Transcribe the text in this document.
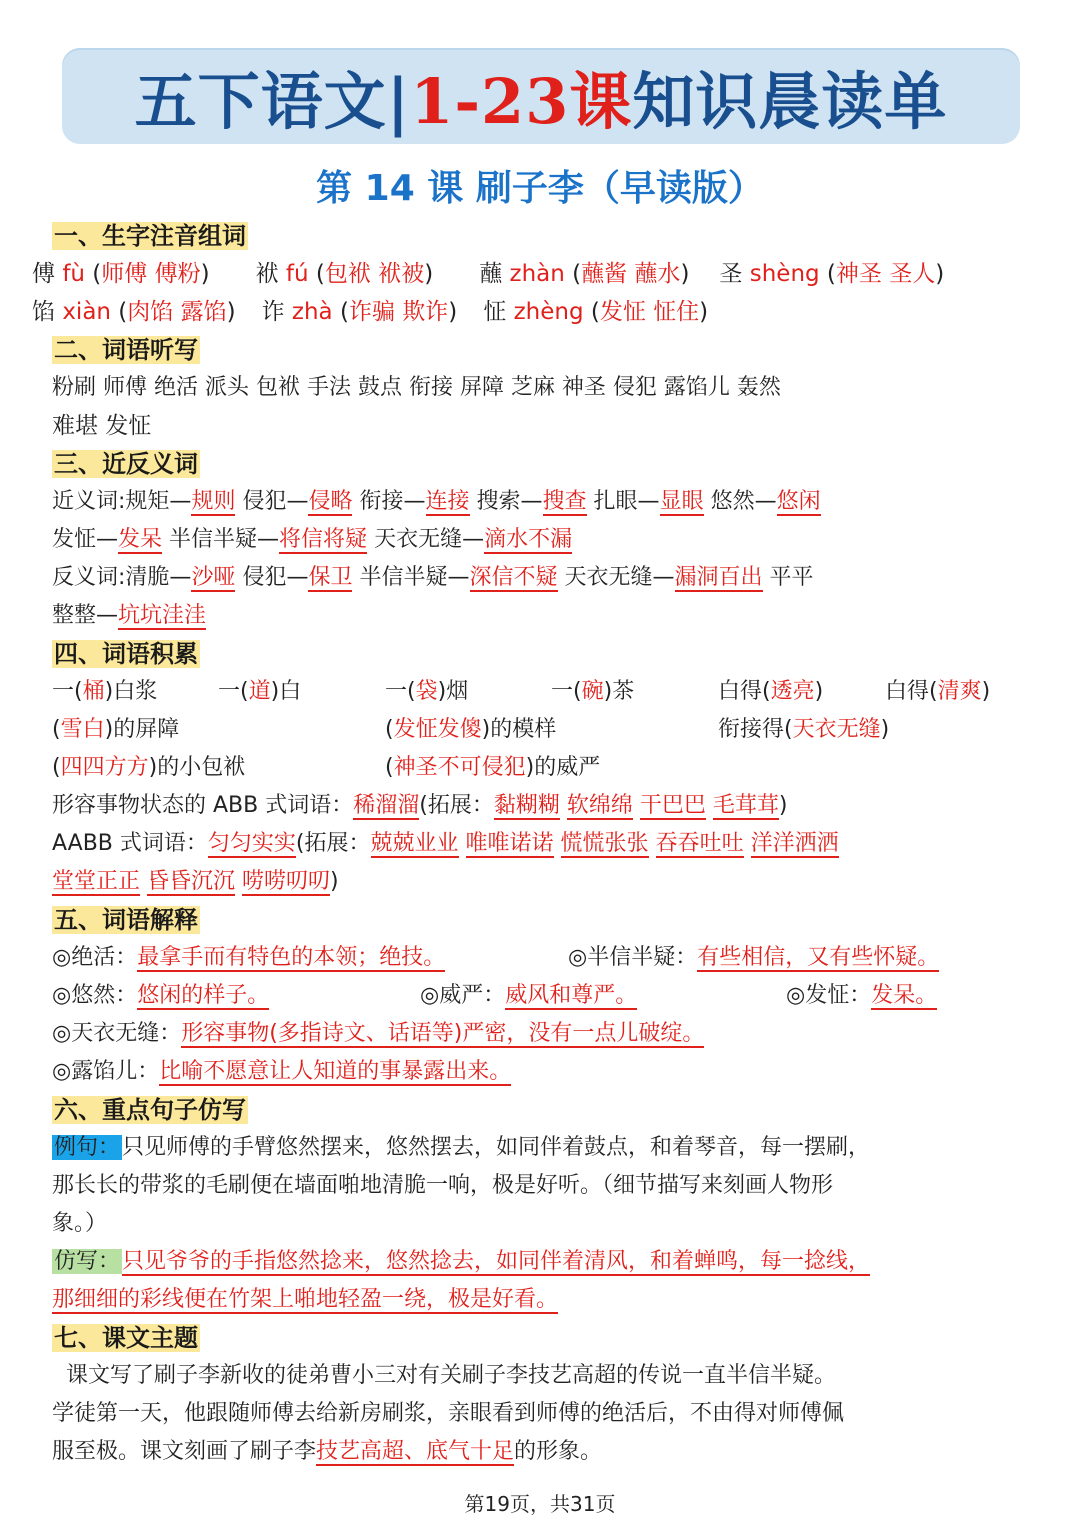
五下语文|1-23课知识晨读单
第 14 课 刷子李（早读版）
一、生字注音组词
傅 fù (师傅 傅粉) 袱 fú (包袱 袱被) 蘸 zhàn (蘸酱 蘸水) 圣 shèng (神圣 圣人)
馅 xiàn (肉馅 露馅) 诈 zhà (诈骗 欺诈) 怔 zhèng (发怔 怔住)
二、词语听写
粉刷 师傅 绝活 派头 包袱 手法 鼓点 衔接 屏障 芝麻 神圣 侵犯 露馅儿 轰然
难堪 发怔
三、近反义词
近义词:规矩—规则 侵犯—侵略 衔接—连接 搜索—搜查 扎眼—显眼 悠然—悠闲
发怔—发呆 半信半疑—将信将疑 天衣无缝—滴水不漏
反义词:清脆—沙哑 侵犯—保卫 半信半疑—深信不疑 天衣无缝—漏洞百出 平平
整整—坑坑洼洼
四、词语积累
一(桶)白浆	一(道)白	一(袋)烟	一(碗)茶	白得(透亮)	白得(清爽)
(雪白)的屏障	(发怔发傻)的模样	衔接得(天衣无缝)
(四四方方)的小包袱	(神圣不可侵犯)的威严
形容事物状态的 ABB 式词语：稀溜溜(拓展：黏糊糊 软绵绵 干巴巴 毛茸茸)
AABB 式词语：匀匀实实(拓展：兢兢业业 唯唯诺诺 慌慌张张 吞吞吐吐 洋洋洒洒
堂堂正正 昏昏沉沉 唠唠叨叨)
五、词语解释
◎绝活：最拿手而有特色的本领；绝技。	◎半信半疑：有些相信，又有些怀疑。
◎悠然：悠闲的样子。	◎威严：威风和尊严。	◎发怔：发呆。
◎天衣无缝：形容事物(多指诗文、话语等)严密，没有一点儿破绽。
◎露馅儿：比喻不愿意让人知道的事暴露出来。
六、重点句子仿写
例句：只见师傅的手臂悠然摆来，悠然摆去，如同伴着鼓点，和着琴音，每一摆刷，
那长长的带浆的毛刷便在墙面啪地清脆一响，极是好听。（细节描写来刻画人物形
象。）
仿写：只见爷爷的手指悠然捻来，悠然捻去，如同伴着清风，和着蝉鸣，每一捻线，
那细细的彩线便在竹架上啪地轻盈一绕，极是好看。
七、课文主题
课文写了刷子李新收的徒弟曹小三对有关刷子李技艺高超的传说一直半信半疑。
学徒第一天，他跟随师傅去给新房刷浆，亲眼看到师傅的绝活后，不由得对师傅佩
服至极。课文刻画了刷子李技艺高超、底气十足的形象。
第19页，共31页
